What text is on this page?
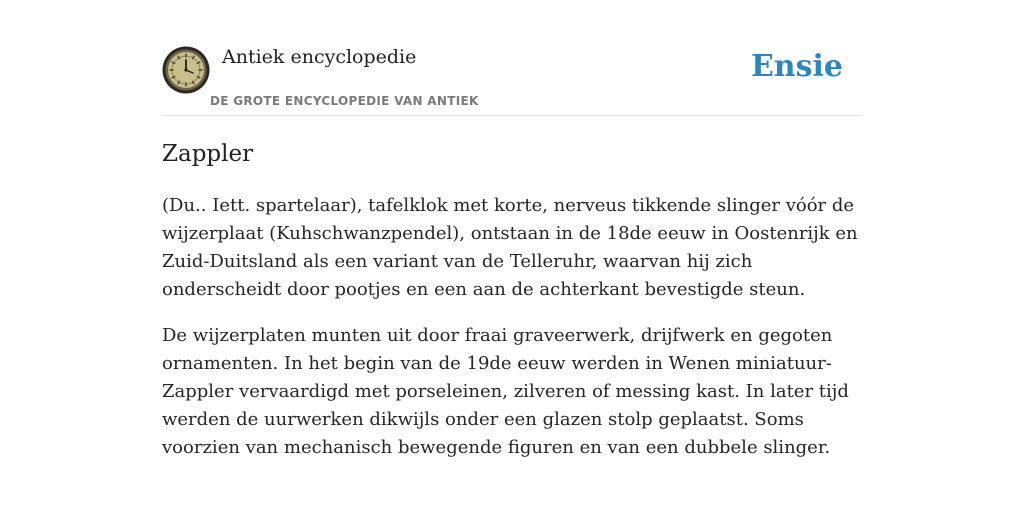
Antiek encyclopedie
DE GROTE ENCYCLOPEDIE VAN ANTIEK
Ensie
Zappler

(Du.. Iett. spartelaar), tafelklok met korte, nerveus tikkende slinger vóór de wijzerplaat (Kuhschwanzpendel), ontstaan in de 18de eeuw in Oostenrijk en Zuid-Duitsland als een variant van de Telleruhr, waarvan hij zich onderscheidt door pootjes en een aan de achterkant bevestigde steun.

De wijzerplaten munten uit door fraai graveerwerk, drijfwerk en gegoten ornamenten. In het begin van de 19de eeuw werden in Wenen miniatuur-Zappler vervaardigd met porseleinen, zilveren of messing kast. In later tijd werden de uurwerken dikwijls onder een glazen stolp geplaatst. Soms voorzien van mechanisch bewegende figuren en van een dubbele slinger.
